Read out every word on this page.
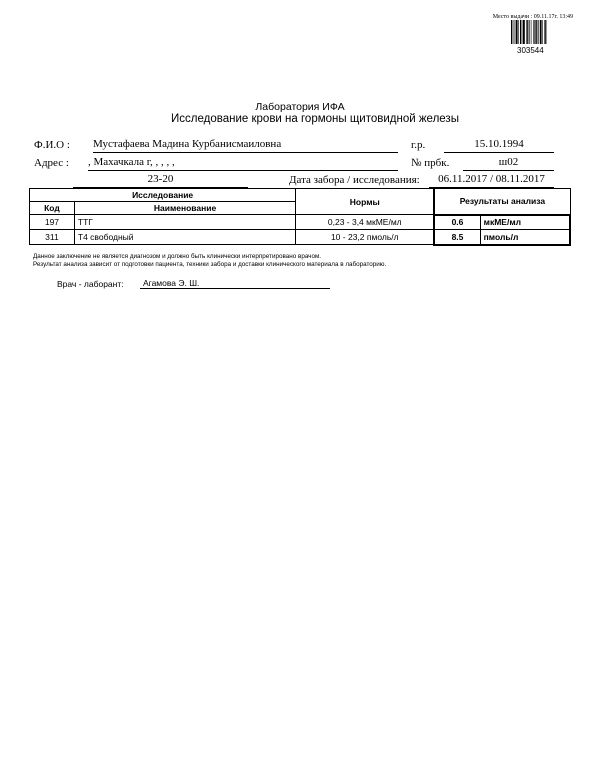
Место выдачи : 09.11.17г. 13:49
303544
Лаборатория ИФА
Исследование крови на гормоны щитовидной железы
Ф.И.О : Мустафаева Мадина Курбанисмаиловна	г.р.	15.10.1994
Адрес : , Махачкала г, , , , ,	№ прбк.	ш02
23-20	Дата забора / исследования:	06.11.2017 / 08.11.2017
Исследование		Нормы	Результаты анализа	
Код	Наименование			
197	ТТГ	0,23 - 3,4 мкМЕ/мл	0.6	мкМЕ/мл
311	Т4 свободный	10 - 23,2 пмоль/л	8.5	пмоль/л
Данное заключение не является диагнозом и должно быть клинически интерпретировано врачом.
Результат анализа зависит от подготовки пациента, техники забора и доставки клинического материала в лабораторию.
Врач - лаборант:	Агамова Э. Ш.
